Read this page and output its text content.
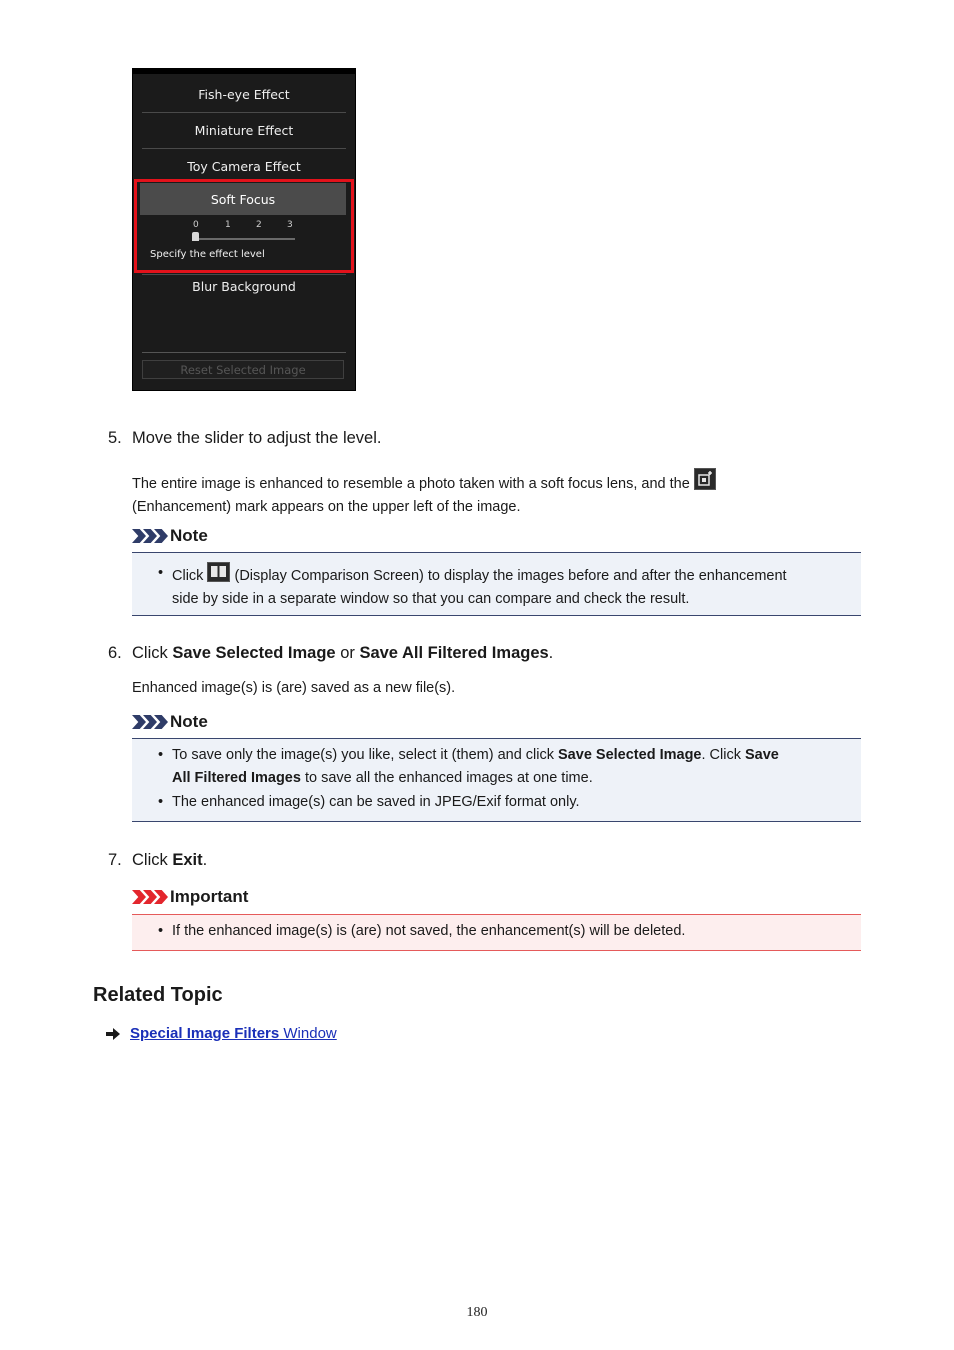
Fish-eye Effect
Miniature Effect
Toy Camera Effect
Soft Focus
0	1	2	3
Specify the effect level
Blur Background
Reset Selected Image
5. Move the slider to adjust the level.
The entire image is enhanced to resemble a photo taken with a soft focus lens, and the

(Enhancement) mark appears on the upper left of the image.
Note
• Click (Display Comparison Screen) to display the images before and after the enhancement
side by side in a separate window so that you can compare and check the result.
6. Click Save Selected Image or Save All Filtered Images.
Enhanced image(s) is (are) saved as a new file(s).
Note
• To save only the image(s) you like, select it (them) and click Save Selected Image. Click Save
All Filtered Images to save all the enhanced images at one time.
• The enhanced image(s) can be saved in JPEG/Exif format only.
7. Click Exit.
Important
• If the enhanced image(s) is (are) not saved, the enhancement(s) will be deleted.
Related Topic
Special Image Filters Window
180
